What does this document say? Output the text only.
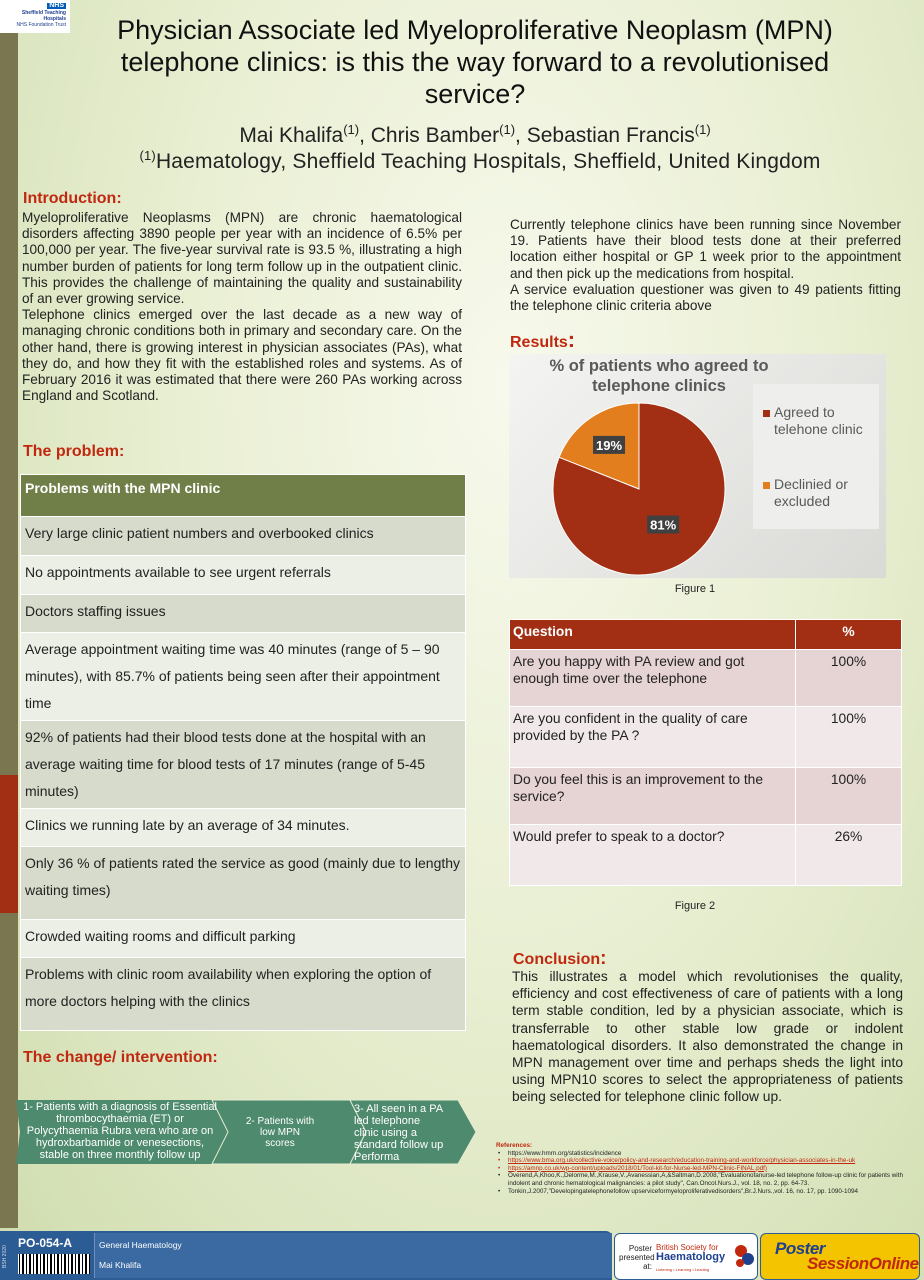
NHS
Sheffield Teaching Hospitals
NHS Foundation Trust	Physician Associate led Myeloproliferative Neoplasm (MPN) telephone clinics: is this the way forward to a revolutionised service?
Mai Khalifa$^{(1)}$, Chris Bamber$^{(1)}$, Sebastian Francis$^{(1)}$
$^{(1)}$Haematology, Sheffield Teaching Hospitals, Sheffield, United Kingdom
Introduction:

Myeloproliferative Neoplasms (MPN) are chronic haematological disorders affecting 3890 people per year with an incidence of 6.5% per 100,000 per year. The five-year survival rate is 93.5 %, illustrating a high number burden of patients for long term follow up in the outpatient clinic. This provides the challenge of maintaining the quality and sustainability of an ever growing service.

Telephone clinics emerged over the last decade as a new way of managing chronic conditions both in primary and secondary care. On the other hand, there is growing interest in physician associates (PAs), what they do, and how they fit with the established roles and systems. As of February 2016 it was estimated that there were 260 PAs working across England and Scotland.

The problem:
Problems with the MPN clinic
Very large clinic patient numbers and overbooked clinics
No appointments available to see urgent referrals
Doctors staffing issues
Average appointment waiting time was 40 minutes (range of 5 – 90 minutes), with 85.7% of patients being seen after their appointment time
92% of patients had their blood tests done at the hospital with an average waiting time for blood tests of 17 minutes (range of 5-45 minutes)
Clinics we running late by an average of 34 minutes.
Only 36 % of patients rated the service as good (mainly due to lengthy waiting times)
Crowded waiting rooms and difficult parking
Problems with clinic room availability when exploring the option of more doctors helping with the clinics
The change/ intervention:
1- Patients with a diagnosis of Essential thrombocythaemia (ET) or Polycythaemia Rubra vera who are on hydroxbarbamide or venesections, stable on three monthly follow up
2- Patients with low MPN scores
3- All seen in a PA led telephone clinic using a standard follow up Performa

Currently telephone clinics have been running since November 19. Patients have their blood tests done at their preferred location either hospital or GP 1 week prior to the appointment and then pick up the medications from hospital.

A service evaluation questioner was given to 49 patients fitting the telephone clinic criteria above

Results:
% of patients who agreed to telephone clinics
19%
81%
Agreed to telehone clinic
Declinied or excluded
Figure 1
Question	%
Are you happy with PA review and got enough time over the telephone	100%
Are you confident in the quality of care provided by the PA ?	100%
Do you feel this is an improvement to the service?	100%
Would prefer to speak to a doctor?	26%
Figure 2
Conclusion:
This illustrates a model which revolutionises the quality, efficiency and cost effectiveness of care of patients with a long term stable condition, led by a physician associate, which is transferrable to other stable low grade or indolent haematological disorders. It also demonstrated the change in MPN management over time and perhaps sheds the light into using MPN10 scores to select the appropriateness of patients being selected for telephone clinic follow up.
References:
• https://www.hmrn.org/statistics/incidence
• https://www.bma.org.uk/collective-voice/policy-and-research/education-training-and-workforce/physician-associates-in-the-uk
• https://amnp.co.uk/wp-content/uploads/2018/01/Tool-kit-for-Nurse-led-MPN-Clinic-FINAL.pdf)
• Overend,A,Khoo,K.,Delorme,M.,Krause,V.,Avanessian,A,&Saltman,D.2008,"Evaluationofanurse-led telephone follow-up clinic for patients with indolent and chronic hematological malignancies: a pilot study", Can.Oncol.Nurs.J., vol. 18, no. 2, pp. 64-73.
• Tonkin,J.2007,"Developingatelephonefollow upserviceformyeloproliferativedisorders",Br.J.Nurs.,vol. 16, no. 17, pp. 1090-1094
BSH 2020
PO-054-A	General Haematology
Mai Khalifa
Poster presented at:
British Society for
Haematology
Listening • Learning • Leading
Poster
SessionOnline
